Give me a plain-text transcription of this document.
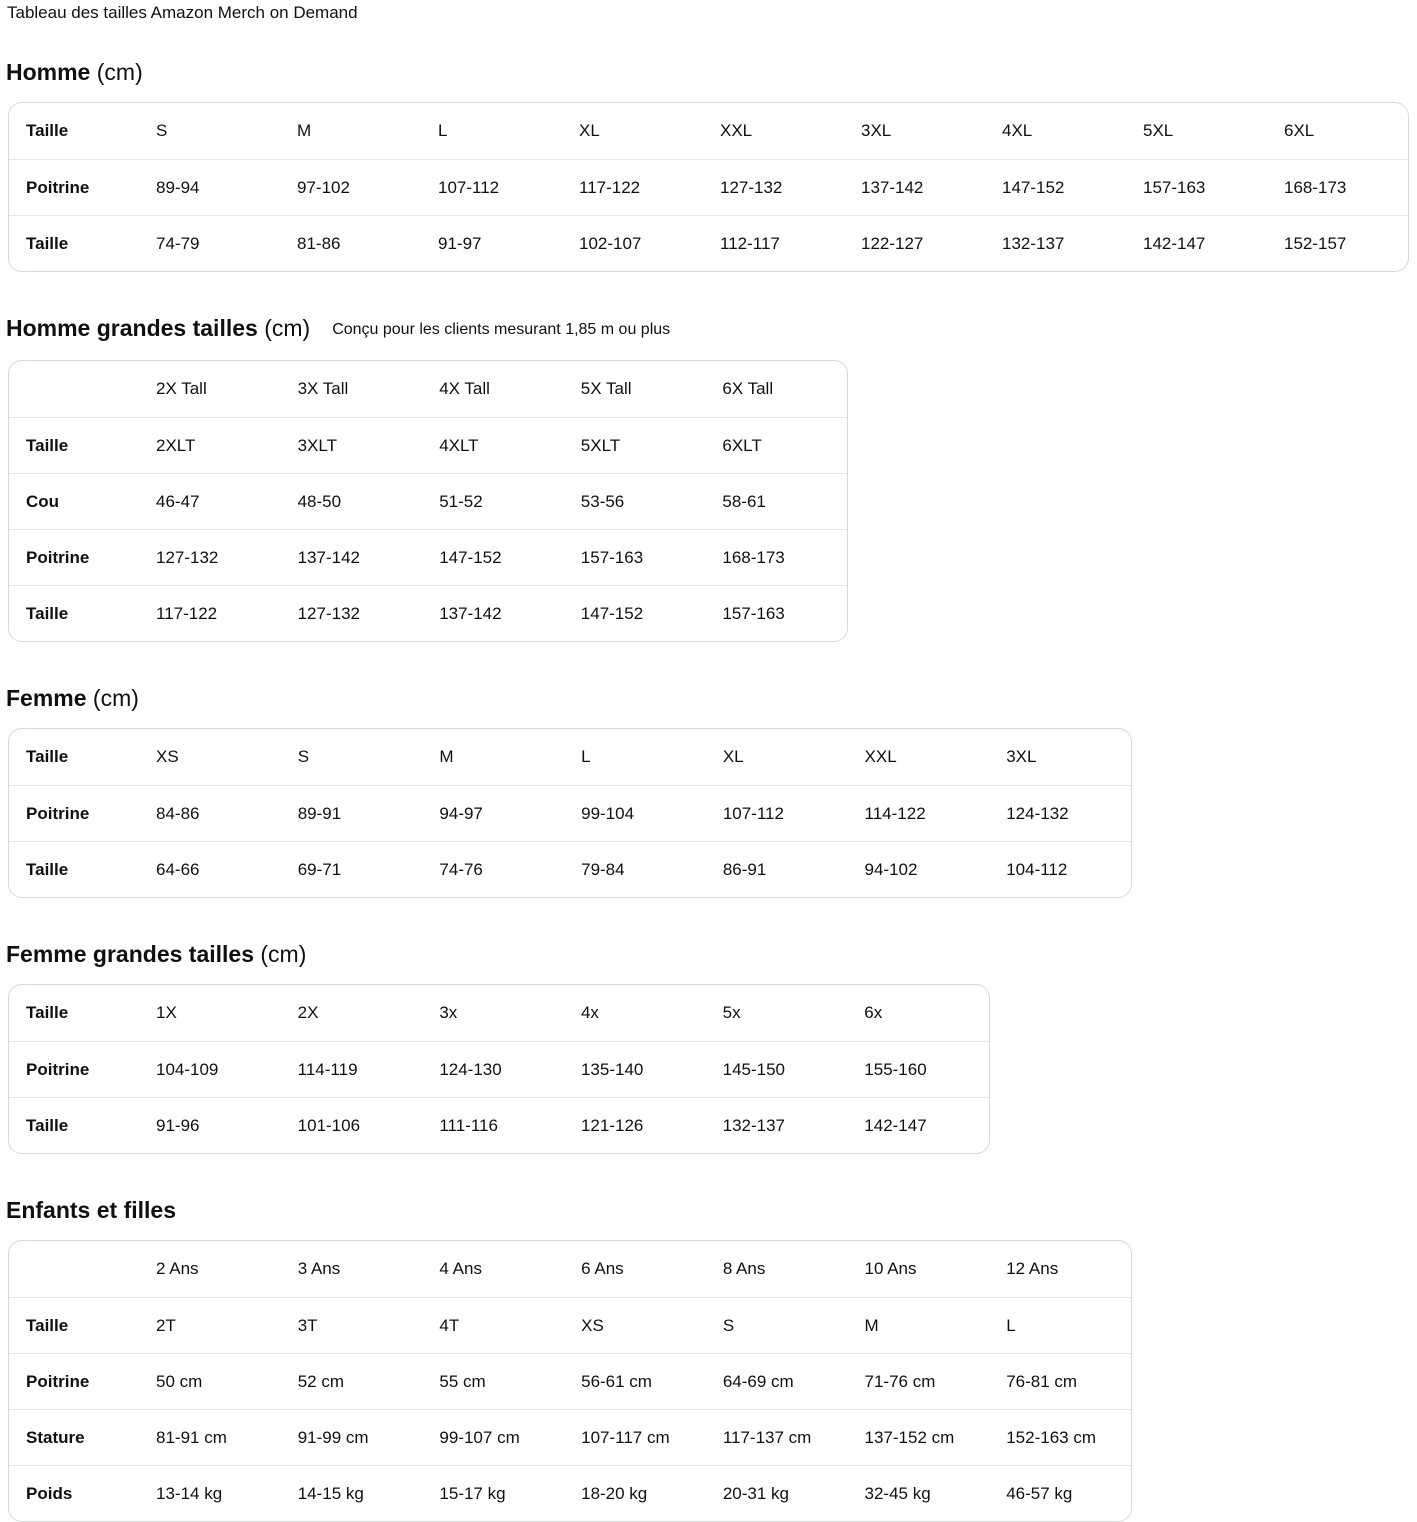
Tableau des tailles Amazon Merch on Demand

Homme (cm)
Taille	S	M	L	XL	XXL	3XL	4XL	5XL	6XL
Poitrine	89-94	97-102	107-112	117-122	127-132	137-142	147-152	157-163	168-173
Taille	74-79	81-86	91-97	102-107	112-117	122-127	132-137	142-147	152-157
Homme grandes tailles (cm) Conçu pour les clients mesurant 1,85 m ou plus
	2X Tall	3X Tall	4X Tall	5X Tall	6X Tall
Taille	2XLT	3XLT	4XLT	5XLT	6XLT
Cou	46-47	48-50	51-52	53-56	58-61
Poitrine	127-132	137-142	147-152	157-163	168-173
Taille	117-122	127-132	137-142	147-152	157-163
Femme (cm)
Taille	XS	S	M	L	XL	XXL	3XL
Poitrine	84-86	89-91	94-97	99-104	107-112	114-122	124-132
Taille	64-66	69-71	74-76	79-84	86-91	94-102	104-112
Femme grandes tailles (cm)
Taille	1X	2X	3x	4x	5x	6x
Poitrine	104-109	114-119	124-130	135-140	145-150	155-160
Taille	91-96	101-106	111-116	121-126	132-137	142-147
Enfants et filles
	2 Ans	3 Ans	4 Ans	6 Ans	8 Ans	10 Ans	12 Ans
Taille	2T	3T	4T	XS	S	M	L
Poitrine	50 cm	52 cm	55 cm	56-61 cm	64-69 cm	71-76 cm	76-81 cm
Stature	81-91 cm	91-99 cm	99-107 cm	107-117 cm	117-137 cm	137-152 cm	152-163 cm
Poids	13-14 kg	14-15 kg	15-17 kg	18-20 kg	20-31 kg	32-45 kg	46-57 kg
